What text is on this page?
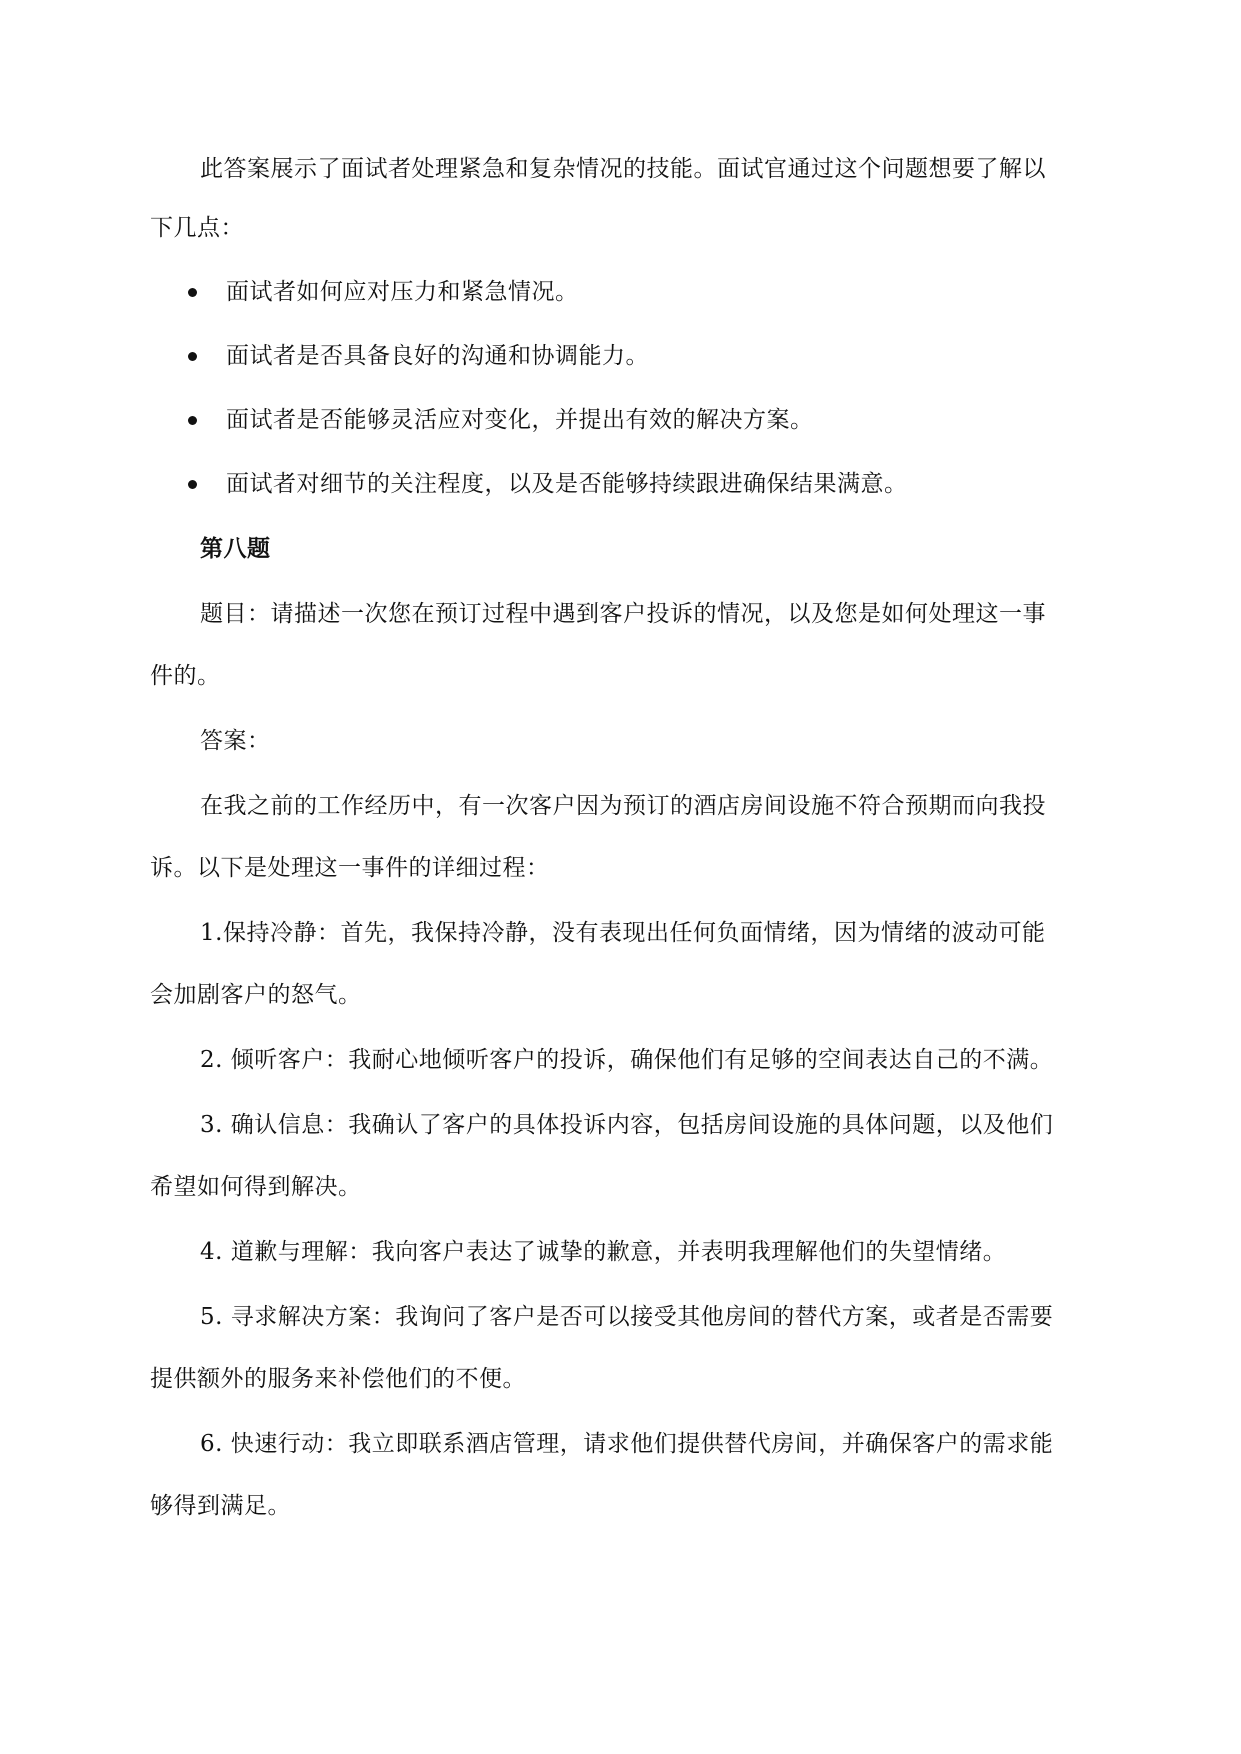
此答案展示了面试者处理紧急和复杂情况的技能。面试官通过这个问题想要了解以
下几点：
面试者如何应对压力和紧急情况。
面试者是否具备良好的沟通和协调能力。
面试者是否能够灵活应对变化，并提出有效的解决方案。
面试者对细节的关注程度，以及是否能够持续跟进确保结果满意。
第八题
题目：请描述一次您在预订过程中遇到客户投诉的情况，以及您是如何处理这一事
件的。
答案：
在我之前的工作经历中，有一次客户因为预订的酒店房间设施不符合预期而向我投
诉。以下是处理这一事件的详细过程：
1.保持冷静：首先，我保持冷静，没有表现出任何负面情绪，因为情绪的波动可能
会加剧客户的怒气。
2. 倾听客户：我耐心地倾听客户的投诉，确保他们有足够的空间表达自己的不满。
3. 确认信息：我确认了客户的具体投诉内容，包括房间设施的具体问题，以及他们
希望如何得到解决。
4. 道歉与理解：我向客户表达了诚挚的歉意，并表明我理解他们的失望情绪。
5. 寻求解决方案：我询问了客户是否可以接受其他房间的替代方案，或者是否需要
提供额外的服务来补偿他们的不便。
6. 快速行动：我立即联系酒店管理，请求他们提供替代房间，并确保客户的需求能
够得到满足。
